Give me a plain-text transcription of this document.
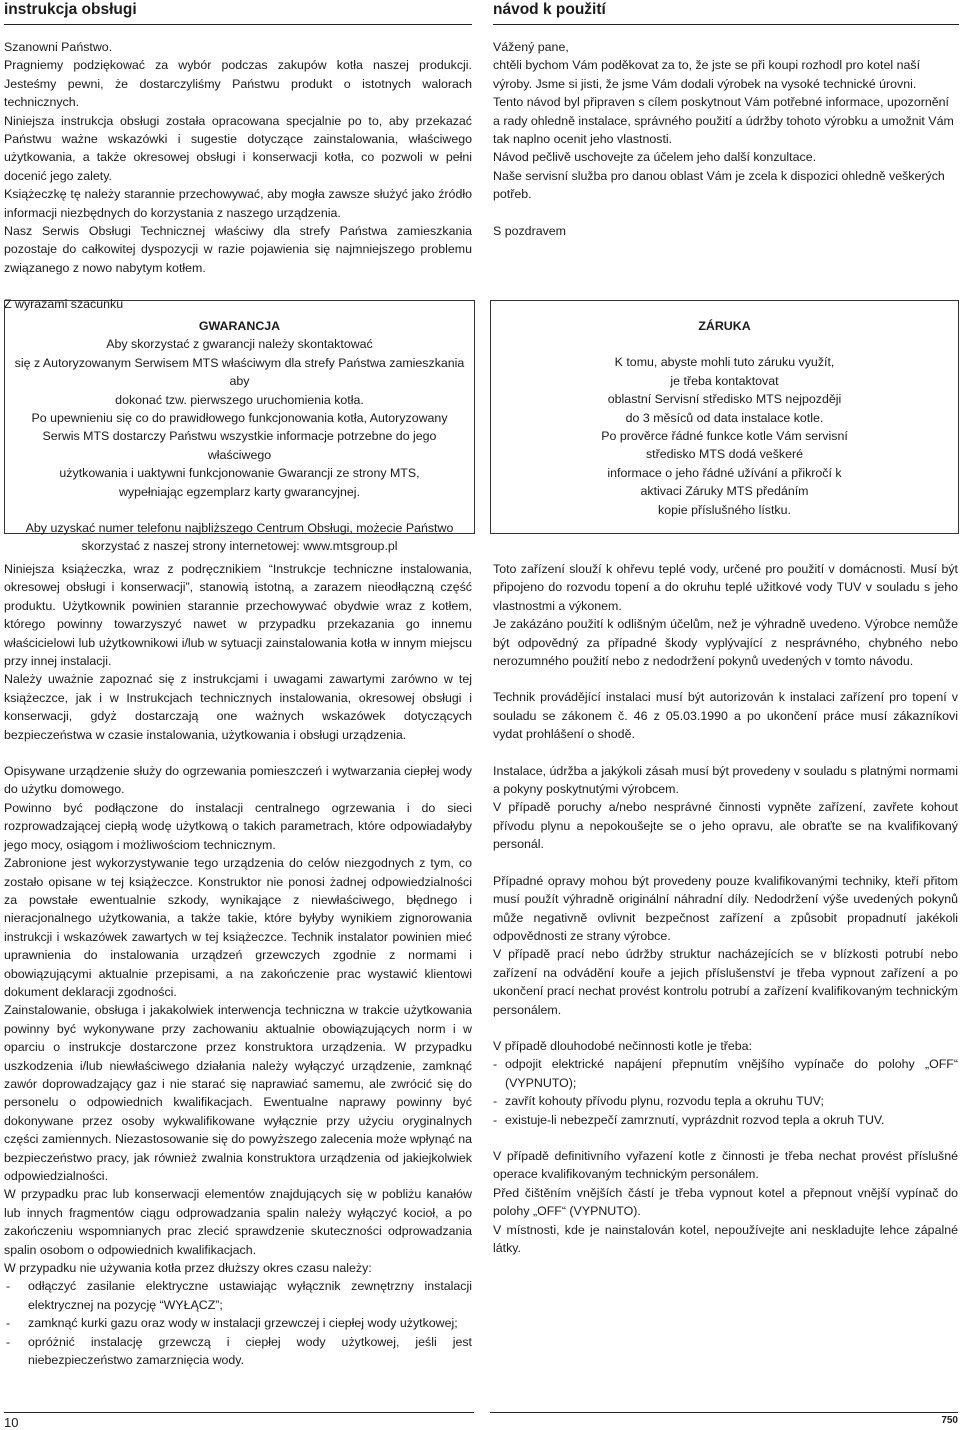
instrukcja obsługi	návod k použití

Szanowni Państwo.

Pragniemy podziękować za wybór podczas zakupów kotła naszej produkcji. Jesteśmy pewni, że dostarczyliśmy Państwu produkt o istotnych walorach technicznych.

Niniejsza instrukcja obsługi została opracowana specjalnie po to, aby przekazać Państwu ważne wskazówki i sugestie dotyczące zainstalowania, właściwego użytkowania, a także okresowej obsługi i konserwacji kotła, co pozwoli w pełni docenić jego zalety.

Książeczkę tę należy starannie przechowywać, aby mogła zawsze służyć jako źródło informacji niezbędnych do korzystania z naszego urządzenia.

Nasz Serwis Obsługi Technicznej właściwy dla strefy Państwa zamieszkania pozostaje do całkowitej dyspozycji w razie pojawienia się najmniejszego problemu związanego z nowo nabytym kotłem.

Z wyrazami szacunku

Vážený pane,

chtěli bychom Vám poděkovat za to, že jste se při koupi rozhodl pro kotel naší výroby. Jsme si jisti, že jsme Vám dodali výrobek na vysoké technické úrovni.

Tento návod byl připraven s cílem poskytnout Vám potřebné informace, upozornění a rady ohledně instalace, správného použití a údržby tohoto výrobku a umožnit Vám tak naplno ocenit jeho vlastnosti.

Návod pečlivě uschovejte za účelem jeho další konzultace.

Naše servisní služba pro danou oblast Vám je zcela k dispozici ohledně veškerých potřeb.

S pozdravem

GWARANCJA

Aby skorzystać z gwarancji należy skontaktować

się z Autoryzowanym Serwisem MTS właściwym dla strefy Państwa zamieszkania aby

dokonać tzw. pierwszego uruchomienia kotła.

Po upewnieniu się co do prawidłowego funkcjonowania kotła, Autoryzowany

Serwis MTS dostarczy Państwu wszystkie informacje potrzebne do jego właściwego

użytkowania i uaktywni funkcjonowanie Gwarancji ze strony MTS,

wypełniając egzemplarz karty gwarancyjnej.

Aby uzyskać numer telefonu najbliższego Centrum Obsługi, możecie Państwo

skorzystać z naszej strony internetowej: www.mtsgroup.pl

ZÁRUKA

K tomu, abyste mohli tuto záruku využít,

je třeba kontaktovat

oblastní Servisní středisko MTS nejpozději

do 3 měsíců od data instalace kotle.

Po prověrce řádné funkce kotle Vám servisní

středisko MTS dodá veškeré

informace o jeho řádné užívání a přikročí k

aktivaci Záruky MTS předáním

kopie příslušného lístku.

Niniejsza książeczka, wraz z podręcznikiem “Instrukcje techniczne instalowania, okresowej obsługi i konserwacji”, stanowią istotną, a zarazem nieodłączną część produktu. Użytkownik powinien starannie przechowywać obydwie wraz z kotłem, którego powinny towarzyszyć nawet w przypadku przekazania go innemu właścicielowi lub użytkownikowi i/lub w sytuacji zainstalowania kotła w innym miejscu przy innej instalacji.

Należy uważnie zapoznać się z instrukcjami i uwagami zawartymi zarówno w tej książeczce, jak i w Instrukcjach technicznych instalowania, okresowej obsługi i konserwacji, gdyż dostarczają one ważnych wskazówek dotyczących bezpieczeństwa w czasie instalowania, użytkowania i obsługi urządzenia.

Opisywane urządzenie służy do ogrzewania pomieszczeń i wytwarzania ciepłej wody do użytku domowego.

Powinno być podłączone do instalacji centralnego ogrzewania i do sieci rozprowadzającej ciepłą wodę użytkową o takich parametrach, które odpowiadałyby jego mocy, osiągom i możliwościom technicznym.

Zabronione jest wykorzystywanie tego urządzenia do celów niezgodnych z tym, co zostało opisane w tej książeczce. Konstruktor nie ponosi żadnej odpowiedzialności za powstałe ewentualnie szkody, wynikające z niewłaściwego, błędnego i nieracjonalnego użytkowania, a także takie, które byłyby wynikiem zignorowania instrukcji i wskazówek zawartych w tej książeczce. Technik instalator powinien mieć uprawnienia do instalowania urządzeń grzewczych zgodnie z normami i obowiązującymi aktualnie przepisami, a na zakończenie prac wystawić klientowi dokument deklaracji zgodności.

Zainstalowanie, obsługa i jakakolwiek interwencja techniczna w trakcie użytkowania powinny być wykonywane przy zachowaniu aktualnie obowiązujących norm i w oparciu o instrukcje dostarczone przez konstruktora urządzenia. W przypadku uszkodzenia i/lub niewłaściwego działania należy wyłączyć urządzenie, zamknąć zawór doprowadzający gaz i nie starać się naprawiać samemu, ale zwrócić się do personelu o odpowiednich kwalifikacjach. Ewentualne naprawy powinny być dokonywane przez osoby wykwalifikowane wyłącznie przy użyciu oryginalnych części zamiennych. Niezastosowanie się do powyższego zalecenia może wpłynąć na bezpieczeństwo pracy, jak również zwalnia konstruktora urządzenia od jakiejkolwiek odpowiedzialności.

W przypadku prac lub konserwacji elementów znajdujących się w pobliżu kanałów lub innych fragmentów ciągu odprowadzania spalin należy wyłączyć kocioł, a po zakończeniu wspomnianych prac zlecić sprawdzenie skuteczności odprowadzania spalin osobom o odpowiednich kwalifikacjach.

W przypadku nie używania kotła przez dłuższy okres czasu należy:

- odłączyć zasilanie elektryczne ustawiając wyłącznik zewnętrzny instalacji elektrycznej na pozycję “WYŁĄCZ”;
- zamknąć kurki gazu oraz wody w instalacji grzewczej i ciepłej wody użytkowej;
- opróżnić instalację grzewczą i ciepłej wody użytkowej, jeśli jest niebezpieczeństwo zamarznięcia wody.

Toto zařízení slouží k ohřevu teplé vody, určené pro použití v domácnosti. Musí být připojeno do rozvodu topení a do okruhu teplé užitkové vody TUV v souladu s jeho vlastnostmi a výkonem.

Je zakázáno použití k odlišným účelům, než je výhradně uvedeno. Výrobce nemůže být odpovědný za případné škody vyplývající z nesprávného, chybného nebo nerozumného použití nebo z nedodržení pokynů uvedených v tomto návodu.

Technik provádějící instalaci musí být autorizován k instalaci zařízení pro topení v souladu se zákonem č. 46 z 05.03.1990 a po ukončení práce musí zákazníkovi vydat prohlášení o shodě.

Instalace, údržba a jakýkoli zásah musí být provedeny v souladu s platnými normami a pokyny poskytnutými výrobcem.

V případě poruchy a/nebo nesprávné činnosti vypněte zařízení, zavřete kohout přívodu plynu a nepokoušejte se o jeho opravu, ale obraťte se na kvalifikovaný personál.

Případné opravy mohou být provedeny pouze kvalifikovanými techniky, kteří přitom musí použít výhradně originální náhradní díly. Nedodržení výše uvedených pokynů může negativně ovlivnit bezpečnost zařízení a způsobit propadnutí jakékoli odpovědnosti ze strany výrobce.

V případě prací nebo údržby struktur nacházejících se v blízkosti potrubí nebo zařízení na odvádění kouře a jejich příslušenství je třeba vypnout zařízení a po ukončení prací nechat provést kontrolu potrubí a zařízení kvalifikovaným technickým personálem.

V případě dlouhodobé nečinnosti kotle je třeba:

- odpojit elektrické napájení přepnutím vnějšího vypínače do polohy „OFF“ (VYPNUTO);
- zavřít kohouty přívodu plynu, rozvodu tepla a okruhu TUV;
- existuje-li nebezpečí zamrznutí, vyprázdnit rozvod tepla a okruh TUV.

V případě definitivního vyřazení kotle z činnosti je třeba nechat provést příslušné operace kvalifikovaným technickým personálem.

Před čištěním vnějších částí je třeba vypnout kotel a přepnout vnější vypínač do polohy „OFF“ (VYPNUTO).

V místnosti, kde je nainstalován kotel, nepoužívejte ani neskladujte lehce zápalné látky.

10	750
